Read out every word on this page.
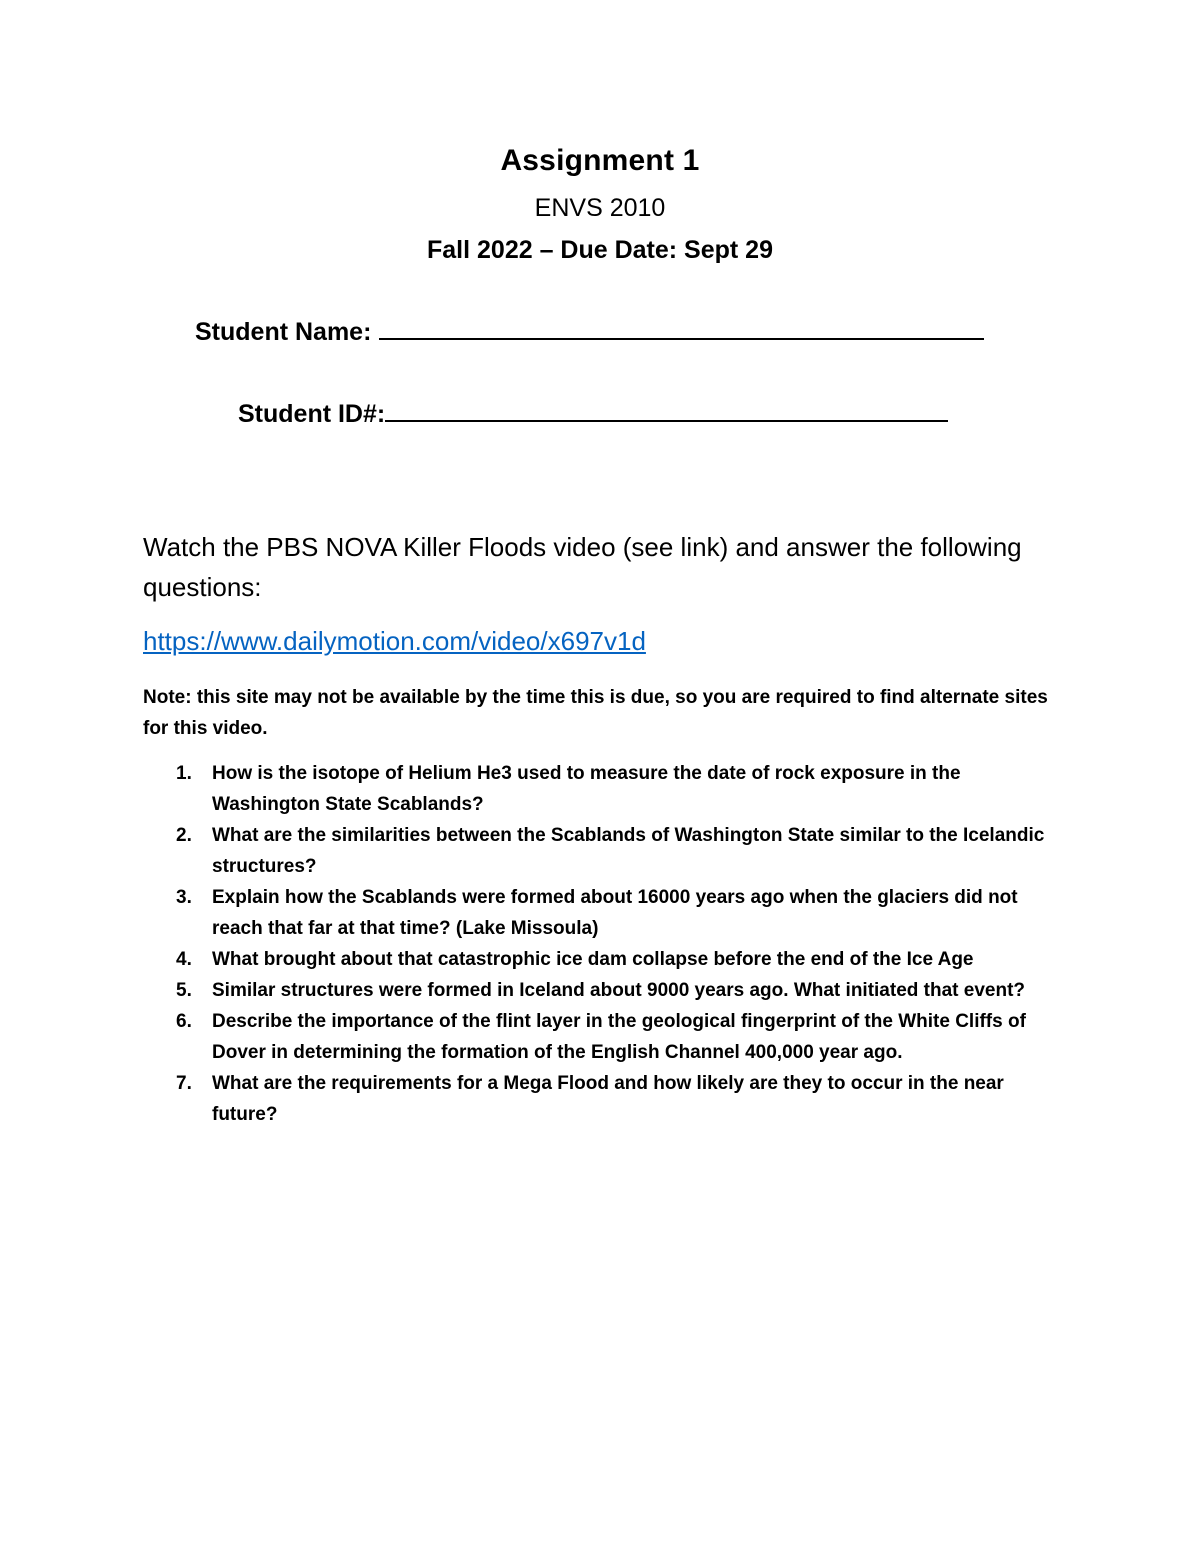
Assignment 1
ENVS 2010
Fall 2022 – Due Date: Sept 29
Student Name:
Student ID#:
Watch the PBS NOVA Killer Floods video (see link) and answer the following questions:
https://www.dailymotion.com/video/x697v1d
Note: this site may not be available by the time this is due, so you are required to find alternate sites for this video.
1. How is the isotope of Helium He3 used to measure the date of rock exposure in the Washington State Scablands?
2. What are the similarities between the Scablands of Washington State similar to the Icelandic structures?
3. Explain how the Scablands were formed about 16000 years ago when the glaciers did not reach that far at that time? (Lake Missoula)
4. What brought about that catastrophic ice dam collapse before the end of the Ice Age
5. Similar structures were formed in Iceland about 9000 years ago. What initiated that event?
6. Describe the importance of the flint layer in the geological fingerprint of the White Cliffs of Dover in determining the formation of the English Channel 400,000 year ago.
7. What are the requirements for a Mega Flood and how likely are they to occur in the near future?
